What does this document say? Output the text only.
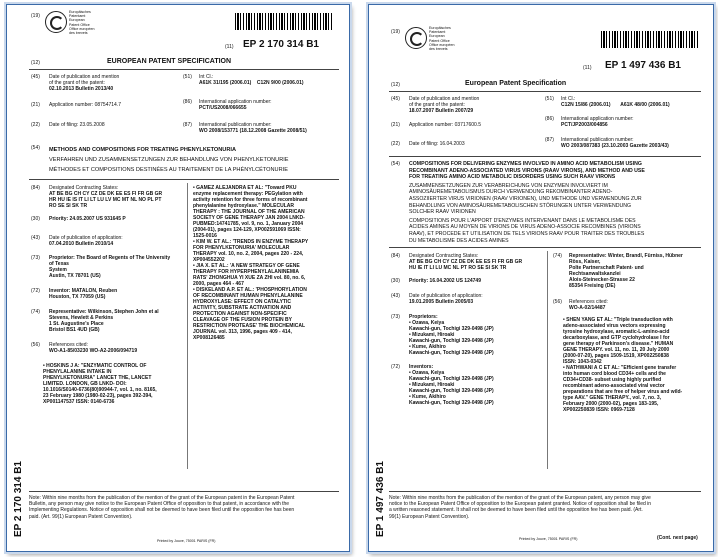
(19)
Europäisches
Patentamt
European
Patent Office
Office européen
des brevets
(11) EP 2 170 314 B1
(12)	EUROPEAN PATENT SPECIFICATION
(45) Date of publication and mention
of the grant of the patent:
02.10.2013 Bulletin 2013/40
(21) Application number: 08754714.7
(22) Date of filing: 23.05.2008
(51) Int Cl.:
A61K 31/195 (2006.01) C12N 9/00 (2006.01)
(86) International application number:
PCT/US2008/066655
(87) International publication number:
WO 2008/153771 (18.12.2008 Gazette 2008/51)
(54) METHODS AND COMPOSITIONS FOR TREATING PHENYLKETONURIA
VERFAHREN UND ZUSAMMENSETZUNGEN ZUR BEHANDLUNG VON PHENYLKETONURIE
MÉTHODES ET COMPOSITIONS DESTINÉES AU TRAITEMENT DE LA PHÉNYLCÉTONURIE
(84) Designated Contracting States:
AT BE BG CH CY CZ DE DK EE ES FI FR GB GR
HR HU IE IS IT LI LT LU LV MC MT NL NO PL PT
RO SE SI SK TR
(30) Priority: 24.05.2007 US 931645 P
(43) Date of publication of application:
07.04.2010 Bulletin 2010/14
(73) Proprietor: The Board of Regents of The University
of Texas
System
Austin, TX 78701 (US)
(72) Inventor: MATALON, Reuben
Houston, TX 77059 (US)
(74) Representative: Wilkinson, Stephen John et al
Stevens, Hewlett & Perkins
1 St. Augustine's Place
Bristol BS1 4UD (GB)
(56) References cited:
WO-A1-85/03230 WO-A2-2006/094719
• HOSKINS J A: "ENZYMATIC CONTROL OF
PHENYLALANINE INTAKE IN
PHENYLKETONURIA" LANCET THE, LANCET
LIMITED. LONDON, GB LNKD- DOI:
10.1016/S0140-6736(80)90944-7, vol. 1, no. 8165,
23 February 1980 (1980-02-23), pages 392-394,
XP001147537 ISSN: 0140-6736
• GAMEZ ALEJANDRA ET AL: "Toward PKU
enzyme replacement therapy: PEGylation with
activity retention for three forms of recombinant
phenylalanine hydroxylase." MOLECULAR
THERAPY : THE JOURNAL OF THE AMERICAN
SOCIETY OF GENE THERAPY JAN 2004 LNKD-
PUBMED:14741785, vol. 9, no. 1, January 2004
(2004-01), pages 124-129, XP002591069 ISSN:
1525-0016
• KIM W. ET AL.: 'TRENDS IN ENZYME THERAPY
FOR PHENYLKETONURIA' MOLECULAR
THERAPY vol. 10, no. 2, 2004, pages 220 - 224,
XP004552202
• JIA X. ET AL.: 'A NEW STRATEGY OF GENE
THERAPY FOR HYPERPHENYLALANINEMIA
RATS' ZHONGHUA YI XUE ZA ZHI vol. 80, no. 6,
2000, pages 464 - 467
• DISKELAND A.P. ET AL.: 'PHOSPHORYLATION
OF RECOMBINANT HUMAN PHENYLALANINE
HYDROXYLASE: EFFECT ON CATALYTIC
ACTIVITY, SUBSTRATE ACTIVATION AND
PROTECTION AGAINST NON-SPECIFIC
CLEAVAGE OF THE FUSION PROTEIN BY
RESTRICTION PROTEASE' THE BIOCHEMICAL
JOURNAL vol. 313, 1996, pages 409 - 414,
XP008126485
EP 2 170 314 B1 Note: Within nine months from the publication of the mention of the grant of the European patent in the European Patent
Bulletin, any person may give notice to the European Patent Office of opposition to that patent, in accordance with the
Implementing Regulations. Notice of opposition shall not be deemed to have been filed until the opposition fee has been
paid. (Art. 99(1) European Patent Convention).
Printed by Jouve, 75001 PARIS (FR)
(19)
Europäisches
Patentamt
European
Patent Office
Office européen
des brevets
(11) EP 1 497 436 B1
(12)	European Patent Specification
(45) Date of publication and mention
of the grant of the patent:
18.07.2007 Bulletin 2007/29
(21) Application number: 03717600.5
(22) Date of filing: 16.04.2003
(51) Int Cl.:
C12N 15/86 (2006.01) A61K 48/00 (2006.01)
(86) International application number:
PCT/JP2003/004856
(87) International publication number:
WO 2003/087383 (23.10.2003 Gazette 2003/43)
(54) COMPOSITIONS FOR DELIVERING ENZYMES INVOLVED IN AMINO ACID METABOLISM USING
RECOMBINANT ADENO-ASSOCIATED VIRUS VIRONS (RAAV VIRONS), AND METHOD AND USE
FOR TREATING AMINO ACID METABOLIC DISORDERS USING SUCH RAAV VIRONS
ZUSAMMENSETZUNGEN ZUR VERABREICHUNG VON ENZYMEN INVOLVIERT IM
AMINOSÄUREMETABOLISMUS DURCH VERWENDUNG REKOMBINANTER ADENO-
ASSOZIIERTER VIRUS VIRIONEN (RAAV VIRIONEN), UND METHODE UND VERWENDUNG ZUR
BEHANDLUNG VON AMINOSÄUREMETABOLISCHEN STÖRUNGEN UNTER VERWENDUNG
SOLCHER RAAV VIRIONEN
COMPOSITIONS POUR L'APPORT D'ENZYMES INTERVENANT DANS LE METABOLISME DES
ACIDES AMINES AU MOYEN DE VIRIONS DE VIRUS ADENO-ASSOCIE RECOMBINES (VIRIONS
RAAV), ET PROCEDE ET UTILISATION DE TELS VIRIONS RAAV POUR TRAITER DES TROUBLES
DU METABOLISME DES ACIDES AMINES
(84) Designated Contracting States:
AT BE BG CH CY CZ DE DK EE ES FI FR GB GR
HU IE IT LI LU MC NL PT RO SE SI SK TR
(30) Priority: 16.04.2002 US 124749
(43) Date of publication of application:
19.01.2005 Bulletin 2005/03
(73) Proprietors:
• Ozawa, Keiya
Kawachi-gun, Tochigi 329-0498 (JP)
• Mizukami, Hiroaki
Kawachi-gun, Tochigi 329-0498 (JP)
• Kume, Akihiro
Kawachi-gun, Tochigi 329-0498 (JP)
(72) Inventors:
• Ozawa, Keiya
Kawachi-gun, Tochigi 329-0498 (JP)
• Mizukami, Hiroaki
Kawachi-gun, Tochigi 329-0498 (JP)
• Kume, Akihiro
Kawachi-gun, Tochigi 329-0498 (JP)
(74) Representative: Winter, Brandl, Fürniss, Hübner
Röss, Kaiser,
Polte Partnerschaft Patent- und
Rechtsanwaltskanzlei
Alois-Steinecker-Strasse 22
85354 Freising (DE)
(56) References cited:
WO-A-02/14487
• SHEN YANG ET AL: "Triple transduction with
adeno-associated virus vectors expressing
tyrosine hydroxylase, aromatic-L-amino-acid
decarboxylase, and GTP cyclohydrolase I for
gene therapy of Parkinson's disease." HUMAN
GENE THERAPY. vol. 11, no. 11, 20 July 2000
(2000-07-20), pages 1509-1519, XP002250838
ISSN: 1043-0342
• NATHWANI A C ET AL: "Efficient gene transfer
into human cord blood CD34+ cells and the
CD34+CD38- subset using highly purified
recombinant adeno-associated viral vector
preparations that are free of helper virus and wild-
type AAV." GENE THERAPY., vol. 7, no. 3,
February 2000 (2000-02), pages 183-195,
XP002250839 ISSN: 0969-7128
EP 1 497 436 B1 Note: Within nine months from the publication of the mention of the grant of the European patent, any person may give
notice to the European Patent Office of opposition to the European patent granted. Notice of opposition shall be filed in
a written reasoned statement. It shall not be deemed to have been filed until the opposition fee has been paid. (Art.
99(1) European Patent Convention).
Printed by Jouve, 75001 PARIS (FR)	(Cont. next page)
